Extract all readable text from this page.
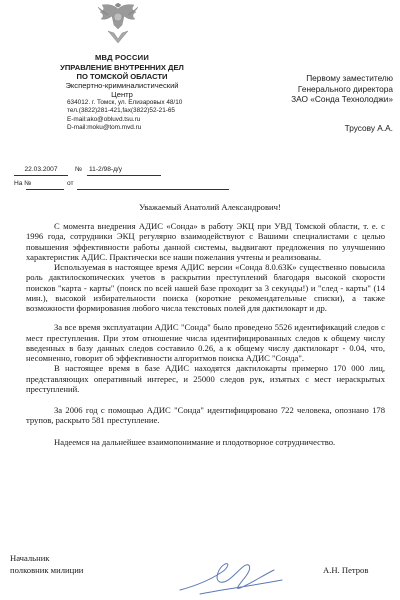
МВД РОССИИ
УПРАВЛЕНИЕ ВНУТРЕННИХ ДЕЛ
ПО ТОМСКОЙ ОБЛАСТИ
Экспертно-криминалистический
Центр
634012. г. Томск, ул. Елизаровых 48/10
тел.(3822)281-421,fax(3822)52-21-65
E-mail:ako@obluvd.tsu.ru
D-mail:moku@tom.mvd.ru
Первому заместителю
Генерального директора
ЗАО «Сонда Технолоджи»
Трусову А.А.
22.03.2007	№ 11-2/98-д/у
На №	от
Уважаемый Анатолий Александрович!

С момента внедрения АДИС «Сонда» в работу ЭКЦ при УВД Томской области, т. е. с 1996 года, сотрудники ЭКЦ регулярно взаимодействуют с Вашими специалистами с целью повышения эффективности работы данной системы, выдвигают предложения по улучшению характеристик АДИС. Практически все наши пожелания учтены и реализованы.

Используемая в настоящее время АДИС версии «Сонда 8.0.63К» существенно повысила роль дактилоскопических учетов в раскрытии преступлений благодаря высокой скорости поисков "карта - карты" (поиск по всей нашей базе проходит за 3 секунды!) и "след - карты" (14 мин.), высокой избирательности поиска (короткие рекомендательные списки), а также возможности формирования любого числа текстовых полей для дактилокарт и др.

За все время эксплуатации АДИС "Сонда" было проведено 5526 идентификаций следов с мест преступления. При этом отношение числа идентифицированных следов к общему числу введенных в базу данных следов составило 0.26, а к общему числу дактилокарт - 0.04, что, несомненно, говорит об эффективности алгоритмов поиска АДИС "Сонда".

В настоящее время в базе АДИС находятся дактилокарты примерно 170 000 лиц, представляющих оперативный интерес, и 25000 следов рук, изъятых с мест нераскрытых преступлений.

За 2006 год с помощью АДИС "Сонда" идентифицировано 722 человека, опознано 178 трупов, раскрыто 581 преступление.

Надеемся на дальнейшее взаимопонимание и плодотворное сотрудничество.

Начальник
полковник милиции	А.Н. Петров
